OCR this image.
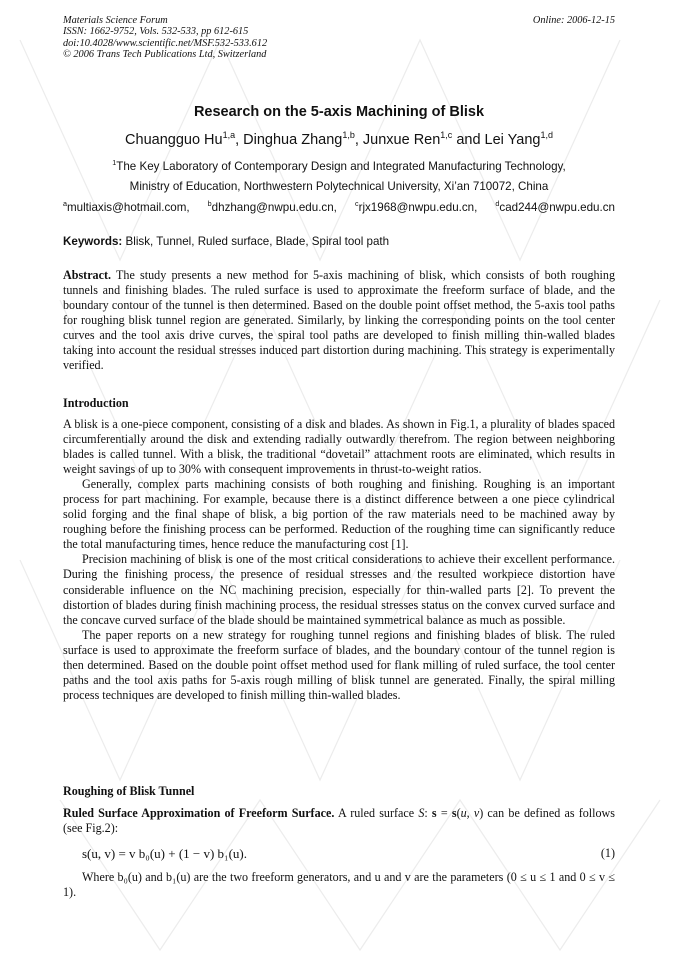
Materials Science Forum
ISSN: 1662-9752, Vols. 532-533, pp 612-615
doi:10.4028/www.scientific.net/MSF.532-533.612
© 2006 Trans Tech Publications Ltd, Switzerland
Online: 2006-12-15
Research on the 5-axis Machining of Blisk
Chuangguo Hu$^{1,a}$, Dinghua Zhang$^{1,b}$, Junxue Ren$^{1,c}$ and Lei Yang$^{1,d}$
$^1$The Key Laboratory of Contemporary Design and Integrated Manufacturing Technology,
Ministry of Education, Northwestern Polytechnical University, Xi’an 710072, China
$^a$multiaxis@hotmail.com,	$^b$dhzhang@nwpu.edu.cn,	$^c$rjx1968@nwpu.edu.cn,	$^d$cad244@nwpu.edu.cn
Keywords: Blisk, Tunnel, Ruled surface, Blade, Spiral tool path

Abstract. The study presents a new method for 5-axis machining of blisk, which consists of both roughing tunnels and finishing blades. The ruled surface is used to approximate the freeform surface of blade, and the boundary contour of the tunnel is then determined. Based on the double point offset method, the 5-axis tool paths for roughing blisk tunnel region are generated. Similarly, by linking the corresponding points on the tool center curves and the tool axis drive curves, the spiral tool paths are developed to finish milling thin-walled blades taking into account the residual stresses induced part distortion during machining. This strategy is experimentally verified.

Introduction

A blisk is a one-piece component, consisting of a disk and blades. As shown in Fig.1, a plurality of blades spaced circumferentially around the disk and extending radially outwardly therefrom. The region between neighboring blades is called tunnel. With a blisk, the traditional “dovetail” attachment roots are eliminated, which results in weight savings of up to 30% with consequent improvements in thrust-to-weight ratios.

Generally, complex parts machining consists of both roughing and finishing. Roughing is an important process for part machining. For example, because there is a distinct difference between a one piece cylindrical solid forging and the final shape of blisk, a big portion of the raw materials need to be machined away by roughing before the finishing process can be performed. Reduction of the roughing time can significantly reduce the total manufacturing times, hence reduce the manufacturing cost [1].

Precision machining of blisk is one of the most critical considerations to achieve their excellent performance. During the finishing process, the presence of residual stresses and the resulted workpiece distortion have considerable influence on the NC machining precision, especially for thin-walled parts [2]. To prevent the distortion of blades during finish machining process, the residual stresses status on the convex curved surface and the concave curved surface of the blade should be maintained symmetrical balance as much as possible.

The paper reports on a new strategy for roughing tunnel regions and finishing blades of blisk. The ruled surface is used to approximate the freeform surface of blades, and the boundary contour of the tunnel region is then determined. Based on the double point offset method used for flank milling of ruled surface, the tool center paths and the tool axis paths for 5-axis rough milling of blisk tunnel are generated. Finally, the spiral milling process techniques are developed to finish milling thin-walled blades.

Roughing of Blisk Tunnel

Ruled Surface Approximation of Freeform Surface. A ruled surface S: s = s(u, v) can be defined as follows (see Fig.2):

s(u, v) = v b₀(u) + (1 − v) b₁(u).	(1)

Where b₀(u) and b₁(u) are the two freeform generators, and u and v are the parameters (0 ≤ u ≤ 1 and 0 ≤ v ≤ 1).
